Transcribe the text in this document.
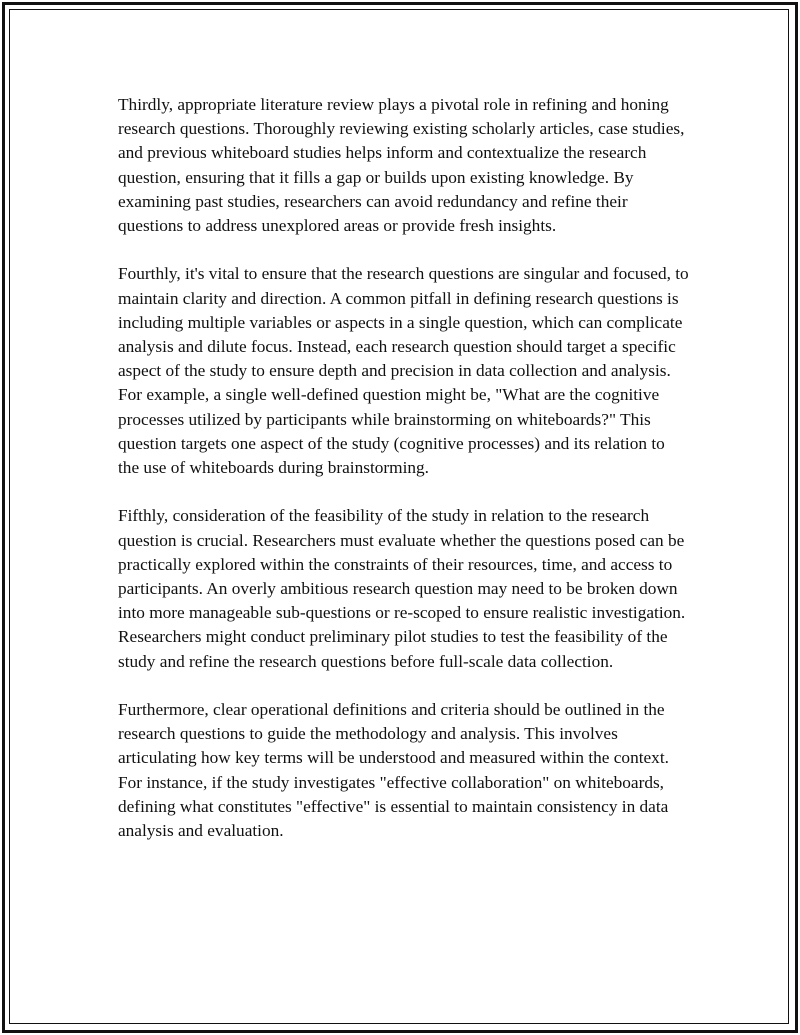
Thirdly, appropriate literature review plays a pivotal role in refining and honing research questions. Thoroughly reviewing existing scholarly articles, case studies, and previous whiteboard studies helps inform and contextualize the research question, ensuring that it fills a gap or builds upon existing knowledge. By examining past studies, researchers can avoid redundancy and refine their questions to address unexplored areas or provide fresh insights.

Fourthly, it's vital to ensure that the research questions are singular and focused, to maintain clarity and direction. A common pitfall in defining research questions is including multiple variables or aspects in a single question, which can complicate analysis and dilute focus. Instead, each research question should target a specific aspect of the study to ensure depth and precision in data collection and analysis. For example, a single well-defined question might be, "What are the cognitive processes utilized by participants while brainstorming on whiteboards?" This question targets one aspect of the study (cognitive processes) and its relation to the use of whiteboards during brainstorming.

Fifthly, consideration of the feasibility of the study in relation to the research question is crucial. Researchers must evaluate whether the questions posed can be practically explored within the constraints of their resources, time, and access to participants. An overly ambitious research question may need to be broken down into more manageable sub-questions or re-scoped to ensure realistic investigation. Researchers might conduct preliminary pilot studies to test the feasibility of the study and refine the research questions before full-scale data collection.

Furthermore, clear operational definitions and criteria should be outlined in the research questions to guide the methodology and analysis. This involves articulating how key terms will be understood and measured within the context. For instance, if the study investigates "effective collaboration" on whiteboards, defining what constitutes "effective" is essential to maintain consistency in data analysis and evaluation.
